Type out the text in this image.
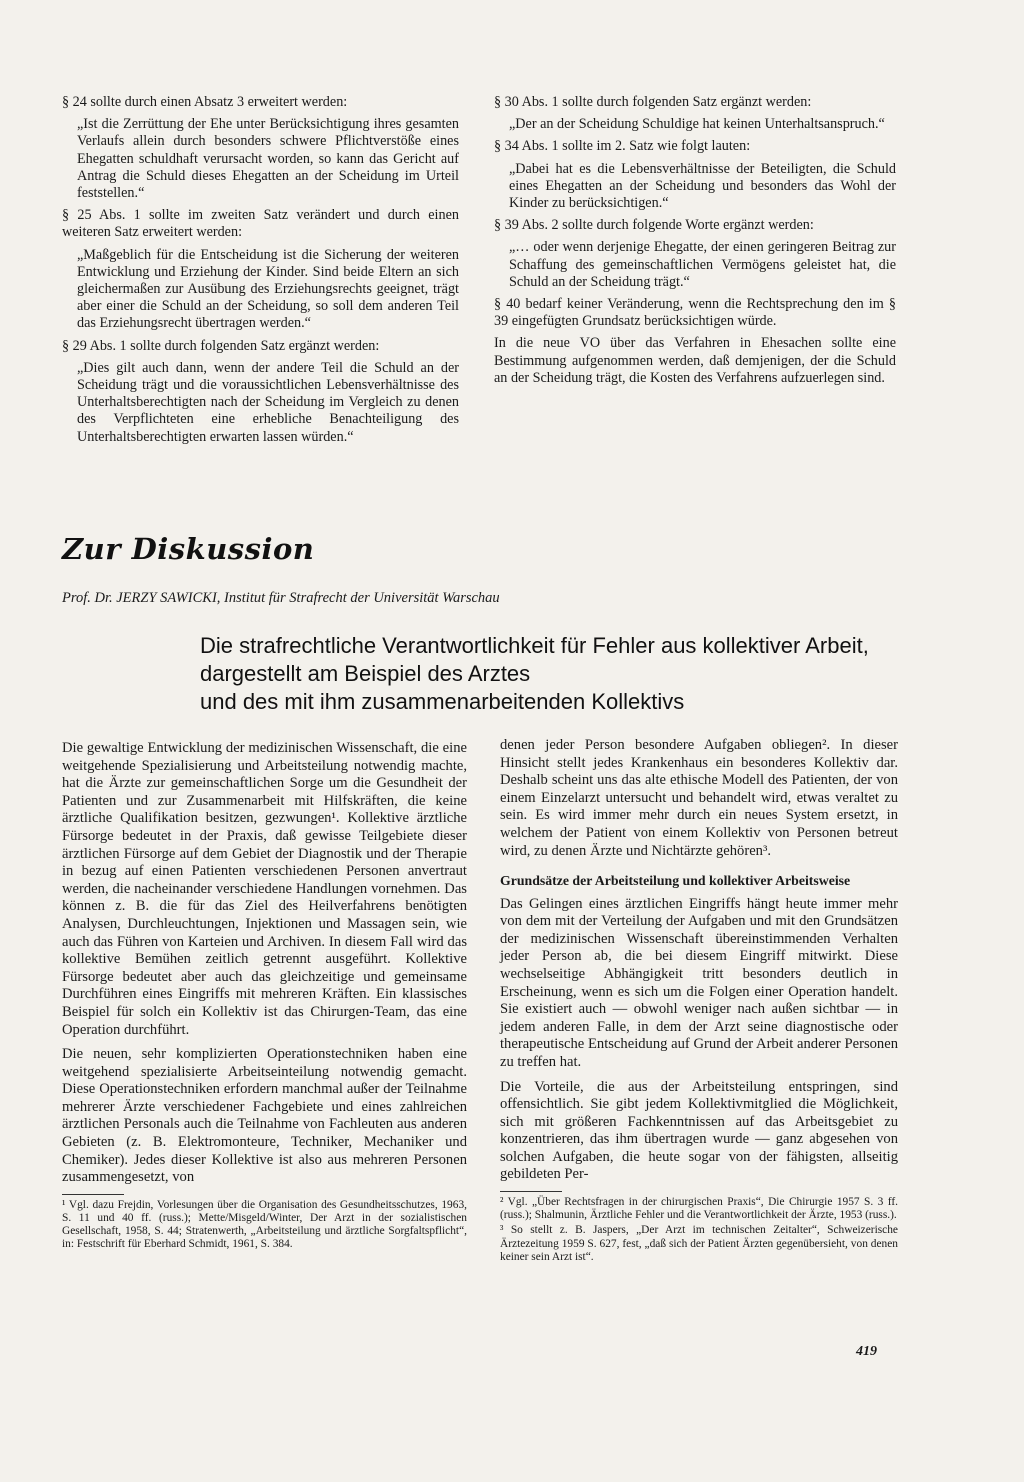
§ 24 sollte durch einen Absatz 3 erweitert werden:

„Ist die Zerrüttung der Ehe unter Berücksichtigung ihres gesamten Verlaufs allein durch besonders schwere Pflichtverstöße eines Ehegatten schuldhaft verursacht worden, so kann das Gericht auf Antrag die Schuld dieses Ehegatten an der Scheidung im Urteil feststellen.“

§ 25 Abs. 1 sollte im zweiten Satz verändert und durch einen weiteren Satz erweitert werden:

„Maßgeblich für die Entscheidung ist die Sicherung der weiteren Entwicklung und Erziehung der Kinder. Sind beide Eltern an sich gleichermaßen zur Ausübung des Erziehungsrechts geeignet, trägt aber einer die Schuld an der Scheidung, so soll dem anderen Teil das Erziehungsrecht übertragen werden.“

§ 29 Abs. 1 sollte durch folgenden Satz ergänzt werden:

„Dies gilt auch dann, wenn der andere Teil die Schuld an der Scheidung trägt und die voraussichtlichen Lebensverhältnisse des Unterhaltsberechtigten nach der Scheidung im Vergleich zu denen des Verpflichteten eine erhebliche Benachteiligung des Unterhaltsberechtigten erwarten lassen würden.“

§ 30 Abs. 1 sollte durch folgenden Satz ergänzt werden:

„Der an der Scheidung Schuldige hat keinen Unterhaltsanspruch.“

§ 34 Abs. 1 sollte im 2. Satz wie folgt lauten:

„Dabei hat es die Lebensverhältnisse der Beteiligten, die Schuld eines Ehegatten an der Scheidung und besonders das Wohl der Kinder zu berücksichtigen.“

§ 39 Abs. 2 sollte durch folgende Worte ergänzt werden:

„… oder wenn derjenige Ehegatte, der einen geringeren Beitrag zur Schaffung des gemeinschaftlichen Vermögens geleistet hat, die Schuld an der Scheidung trägt.“

§ 40 bedarf keiner Veränderung, wenn die Rechtsprechung den im § 39 eingefügten Grundsatz berücksichtigen würde.

In die neue VO über das Verfahren in Ehesachen sollte eine Bestimmung aufgenommen werden, daß demjenigen, der die Schuld an der Scheidung trägt, die Kosten des Verfahrens aufzuerlegen sind.

Zur Diskussion
Prof. Dr. JERZY SAWICKI, Institut für Strafrecht der Universität Warschau
Die strafrechtliche Verantwortlichkeit für Fehler aus kollektiver Arbeit,
dargestellt am Beispiel des Arztes
und des mit ihm zusammenarbeitenden Kollektivs

Die gewaltige Entwicklung der medizinischen Wissenschaft, die eine weitgehende Spezialisierung und Arbeitsteilung notwendig machte, hat die Ärzte zur gemeinschaftlichen Sorge um die Gesundheit der Patienten und zur Zusammenarbeit mit Hilfskräften, die keine ärztliche Qualifikation besitzen, gezwungen¹. Kollektive ärztliche Fürsorge bedeutet in der Praxis, daß gewisse Teilgebiete dieser ärztlichen Fürsorge auf dem Gebiet der Diagnostik und der Therapie in bezug auf einen Patienten verschiedenen Personen anvertraut werden, die nacheinander verschiedene Handlungen vornehmen. Das können z. B. die für das Ziel des Heilverfahrens benötigten Analysen, Durchleuchtungen, Injektionen und Massagen sein, wie auch das Führen von Karteien und Archiven. In diesem Fall wird das kollektive Bemühen zeitlich getrennt ausgeführt. Kollektive Fürsorge bedeutet aber auch das gleichzeitige und gemeinsame Durchführen eines Eingriffs mit mehreren Kräften. Ein klassisches Beispiel für solch ein Kollektiv ist das Chirurgen-Team, das eine Operation durchführt.

Die neuen, sehr komplizierten Operationstechniken haben eine weitgehend spezialisierte Arbeitseinteilung notwendig gemacht. Diese Operationstechniken erfordern manchmal außer der Teilnahme mehrerer Ärzte verschiedener Fachgebiete und eines zahlreichen ärztlichen Personals auch die Teilnahme von Fachleuten aus anderen Gebieten (z. B. Elektromonteure, Techniker, Mechaniker und Chemiker). Jedes dieser Kollektive ist also aus mehreren Personen zusammengesetzt, von

¹ Vgl. dazu Frejdin, Vorlesungen über die Organisation des Gesundheitsschutzes, 1963, S. 11 und 40 ff. (russ.); Mette/Misgeld/Winter, Der Arzt in der sozialistischen Gesellschaft, 1958, S. 44; Stratenwerth, „Arbeitsteilung und ärztliche Sorgfaltspflicht“, in: Festschrift für Eberhard Schmidt, 1961, S. 384.

denen jeder Person besondere Aufgaben obliegen². In dieser Hinsicht stellt jedes Krankenhaus ein besonderes Kollektiv dar. Deshalb scheint uns das alte ethische Modell des Patienten, der von einem Einzelarzt untersucht und behandelt wird, etwas veraltet zu sein. Es wird immer mehr durch ein neues System ersetzt, in welchem der Patient von einem Kollektiv von Personen betreut wird, zu denen Ärzte und Nichtärzte gehören³.

Grundsätze der Arbeitsteilung und kollektiver Arbeitsweise

Das Gelingen eines ärztlichen Eingriffs hängt heute immer mehr von dem mit der Verteilung der Aufgaben und mit den Grundsätzen der medizinischen Wissenschaft übereinstimmenden Verhalten jeder Person ab, die bei diesem Eingriff mitwirkt. Diese wechselseitige Abhängigkeit tritt besonders deutlich in Erscheinung, wenn es sich um die Folgen einer Operation handelt. Sie existiert auch — obwohl weniger nach außen sichtbar — in jedem anderen Falle, in dem der Arzt seine diagnostische oder therapeutische Entscheidung auf Grund der Arbeit anderer Personen zu treffen hat.

Die Vorteile, die aus der Arbeitsteilung entspringen, sind offensichtlich. Sie gibt jedem Kollektivmitglied die Möglichkeit, sich mit größeren Fachkenntnissen auf das Arbeitsgebiet zu konzentrieren, das ihm übertragen wurde — ganz abgesehen von solchen Aufgaben, die heute sogar von der fähigsten, allseitig gebildeten Per-

² Vgl. „Über Rechtsfragen in der chirurgischen Praxis“, Die Chirurgie 1957 S. 3 ff. (russ.); Shalmunin, Ärztliche Fehler und die Verantwortlichkeit der Ärzte, 1953 (russ.).

³ So stellt z. B. Jaspers, „Der Arzt im technischen Zeitalter“, Schweizerische Ärztezeitung 1959 S. 627, fest, „daß sich der Patient Ärzten gegenübersieht, von denen keiner sein Arzt ist“.

419
